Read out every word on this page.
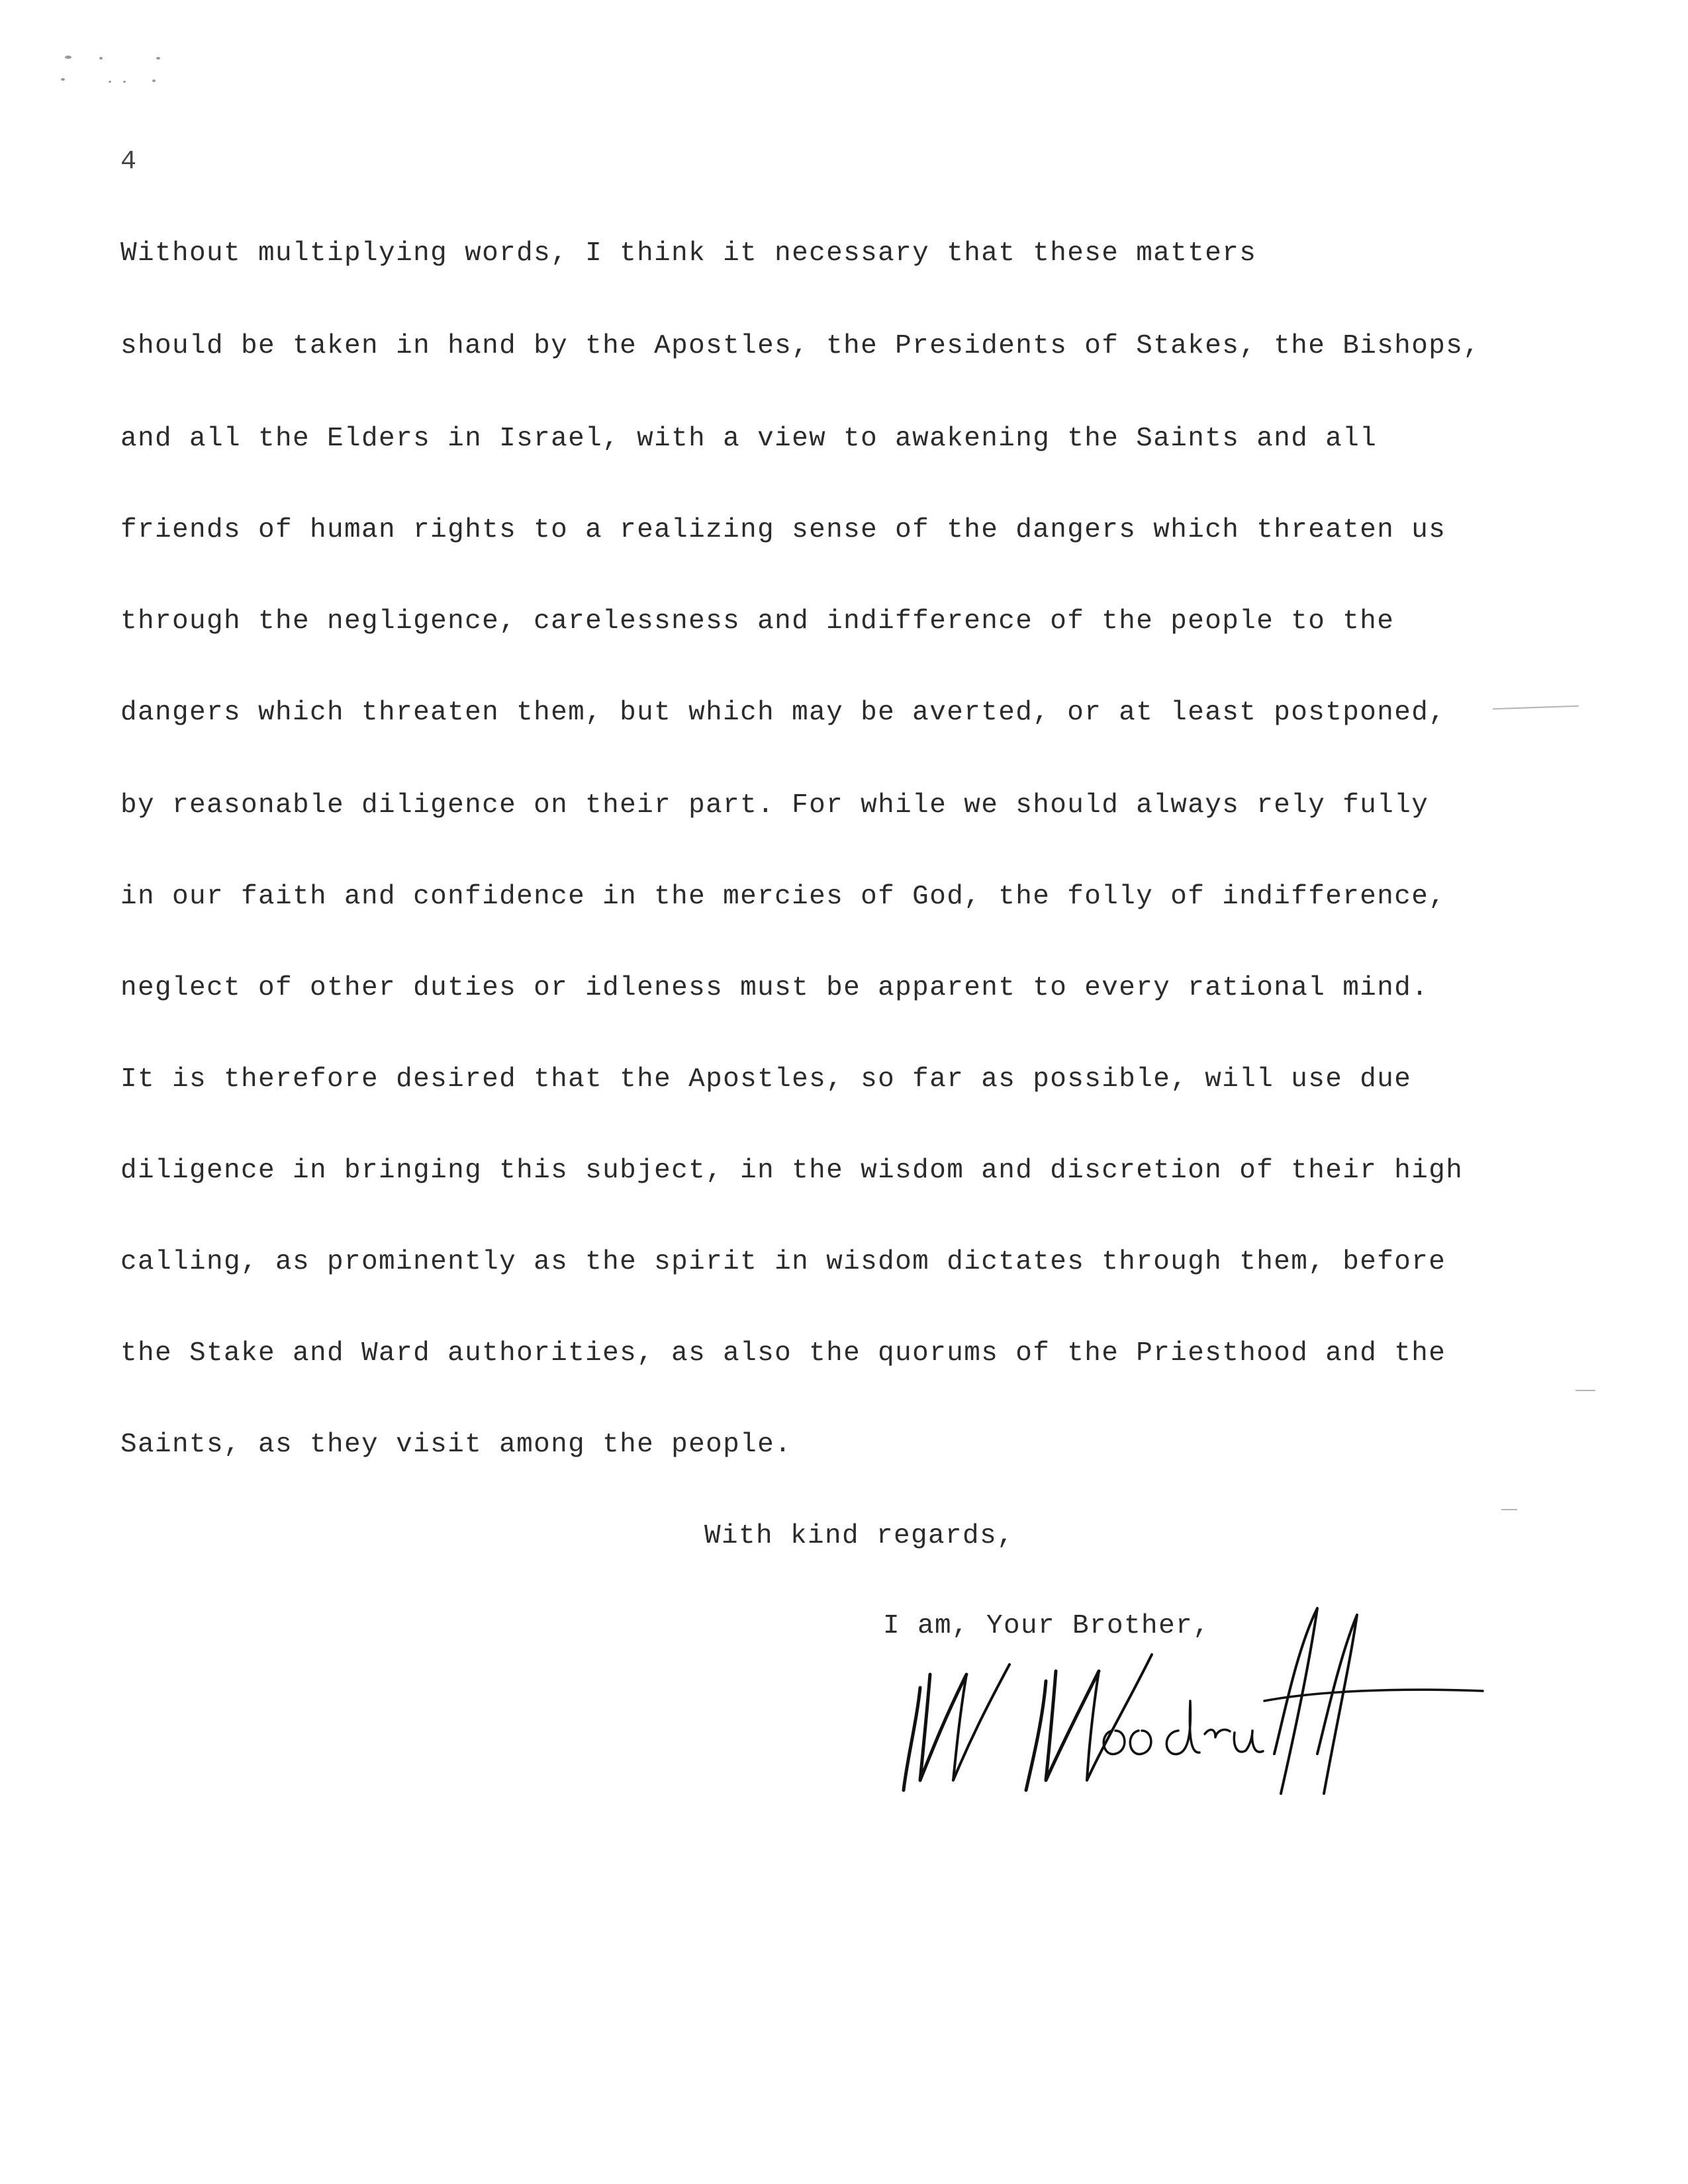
4
Without multiplying words, I think it necessary that these matters
should be taken in hand by the Apostles, the Presidents of Stakes, the Bishops,
and all the Elders in Israel, with a view to awakening the Saints and all
friends of human rights to a realizing sense of the dangers which threaten us
through the negligence, carelessness and indifference of the people to the
dangers which threaten them, but which may be averted, or at least postponed,
by reasonable diligence on their part. For while we should always rely fully
in our faith and confidence in the mercies of God, the folly of indifference,
neglect of other duties or idleness must be apparent to every rational mind.
It is therefore desired that the Apostles, so far as possible, will use due
diligence in bringing this subject, in the wisdom and discretion of their high
calling, as prominently as the spirit in wisdom dictates through them, before
the Stake and Ward authorities, as also the quorums of the Priesthood and the
Saints, as they visit among the people.
With kind regards,
I am, Your Brother,
